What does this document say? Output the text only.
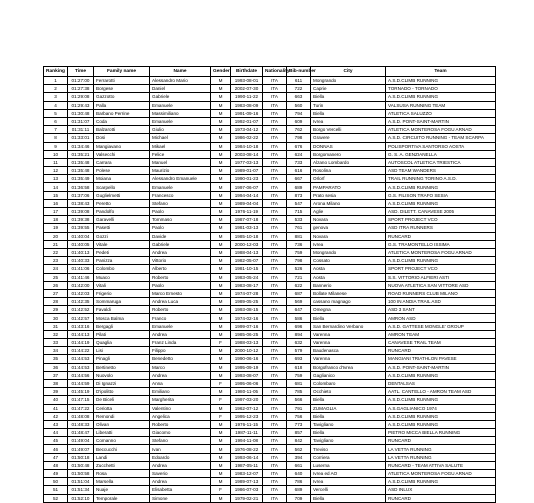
Ranking	Time	Family name	Name	Gender	Birthdate	Nationality	Bib-number	City	Team
1	01:27:00	Ferrarotti	Alessandro Mario	M	1993-08-01	ITA	611	Mongrando	A.S.D.CLIMB RUNNING
2	01:27:38	Borgese	Daniel	M	2002-07-30	ITA	722	Caprie	TORNADO - TORNADO
3	01:29:08	Gazzotto	Gabriele	M	1990-11-22	ITA	663	Biella	A.S.D.CLIMB RUNNING
4	01:29:43	Palla	Emanuele	M	1983-08-09	ITA	560	Turin	VALSUSA RUNNING TEAM
5	01:30:48	Barbano Perrine	Massimiliano	M	1991-09-16	ITA	794	Biella	ATLETICA SALUZZO
6	01:31:07	Coda	Emanuele	M	1992-01-07	ITA	609	Ivrea	A.S.D. PONT-SAINT-MARTIN
7	01:31:11	Balzarotti	Giulio	M	1973-04-12	ITA	762	Borgo Vercelli	ATLETICA MONTEROSA FOGU ARNAD
8	01:33:01	Dosi	Michael	M	1986-02-22	ITA	798	Gravere	A.S.D. CIRCUITO RUNNING - TEAM SCARPA
9	01:34:46	Mangiavano	Mikael	M	1984-10-18	ITA	676	DONNAS	POLISPORTIVA SANTORSO AOSTA
10	01:35:21	Valsecchi	Felice	M	2003-08-14	ITA	624	Borgomanero	G. S. A. GENZIANELLA
11	01:35:48	Carrara	Manuel	M	1977-03-13	ITA	733	Alzano Lombardo	AUTOSCOL ATLETICA TRIESTICA
12	01:35:48	Polese	Maurizio	M	1989-01-07	ITA	616	Rosolina	ASD TEAM WANDERS
13	01:35:49	Moiana	Alessandro Emanuele	M	1990-01-23	ITA	667	Orlorf	TRAIL RUNNING TORINO A.S.D.
14	01:36:58	Scarpello	Emanuele	M	1997-06-07	ITA	689	PAMPARATO	A.S.D.CLIMB RUNNING
15	01:37:06	Guglielmetti	Francesco	M	1994-04-14	ITA	873	Prato sesia	G.S. FILISON TRAFO SESIA
16	01:38:43	Peretto	Stefano	M	1989-04-04	ITA	547	Arona Milano	A.S.D.CLIMB RUNNING
17	01:39:08	Pandolfo	Paolo	M	1976-11-19	ITA	715	Aglie	ASD. DILETT. CANAVESE 2005
18	01:39:38	Garavelli	Tommaso	M	1987-07-18	ITA	533	Novara	SPORT PROJECT VCO
19	01:39:55	Pasetti	Paolo	M	1981-03-13	ITA	761	genova	ASD ITRA RUNNERS
20	01:40:04	Gozzi	Davide	M	1985-10-18	ITA	881	Novara	RUNCARD
21	01:40:05	Vitale	Gabriele	M	2000-12-03	ITA	736	Ivrea	G.S. TRAMONTELLO ISSIMA
22	01:40:13	Pedeti	Andrea	M	1988-04-13	ITA	759	Mongrando	ATLETICA MONTEROSA FOGU ARNAD
23	01:40:33	Panizza	Vittorio	M	1982-05-07	ITA	798	Cossato	A.S.D.CLIMB RUNNING
24	01:41:06	Colombo	Alberto	M	1981-10-15	ITA	526	Aosta	SPORT PROJECT VCO
25	01:41:46	Muaco	Roberto	M	1983-05-24	ITA	721	Aosta	S.S. VITTORIO ALFIERI ASTI
26	01:42:00	Vitali	Paolo	M	1983-08-17	ITA	622	Bannerio	NUOVA ATLETICA SAN VITTORE ASD
27	01:42:03	Frigerio	Marco Ernesto	M	1974-07-28	ITA	687	Bollate Milanese	ROAD RUNNERS CLUB MILANO
28	01:42:35	Sommaruga	Andrea Luca	M	1989-05-25	ITA	569	cassano magnago	100 IN ANDIA TRAIL ASD
29	01:42:52	Favaldi	Roberto	M	1993-08-15	ITA	647	Omegna	ASD 3 SANT
30	01:42:57	Mosca Balma	Franco	M	1974-02-16	ITA	586	Biella	AMRON ASD
31	01:43:16	Bergagli	Emanuele	M	1999-07-16	ITA	696	San Bernardino Verbano	A.S.D. GATTESE MONGLE' GROUP
32	01:44:13	Pilati	Andrea	M	1985-06-25	ITA	894	Varenna	AMRON TEAM
33	01:44:19	Quaglia	Franz Linda	F	1988-03-13	ITA	632	Varenna	CANAVESE TRAIL TEAM
34	01:44:22	Lisi	Filippo	M	2000-10-12	ITA	579	Baudenasca	RUNCARD
35	01:44:53	Pinagli	Benedetto	M	1990-06-16	ITA	693	Varenna	MANGIANI TRIATHLON PAVESE
36	01:44:53	Bertinetto	Marco	M	1995-09-19	ITA	618	Borgofranco d'Ivrea	A.S.D. PONT-SAINT-MARTIN
37	01:44:56	Nuovolo	Andrea	M	1993-08-07	ITA	759	Gaglianico	A.S.D.CLIMB RUNNING
38	01:44:59	Di Ignazzi	Anna	F	1995-06-06	ITA	681	Colombaro	DENTALSAS
39	01:45:19	D'ipolitto	Emiliano	M	1980-11-05	ITA	785	Occhieto	AATL. CANTELLO - AMRON TEAM ASD
40	01:47:15	De Biceli	Margherita	F	1997-03-20	ITA	566	Biella	A.S.D.CLIMB RUNNING
41	01:47:22	Ceriotta	Valentino	M	1962-07-12	ITA	791	ZUMAGLIA	A.S.GAGLIANICO 1974
42	01:48:08	Remondi	Angelica	F	1995-12-23	ITA	756	Biella	A.S.D.CLIMB RUNNING
43	01:48:33	Olivan	Roberto	M	1976-11-15	ITA	773	Tavigliano	A.S.D.CLIMB RUNNING
44	01:48:47	Liberatti	Giacomo	M	1987-11-11	ITA	857	Biella	PIETRO MICCA BIELLA RUNNING
45	01:49:04	Comanno	Stefano	M	1994-11-08	ITA	842	Tavigliano	RUNCARD
46	01:49:07	Beccucchi	Ivan	M	1976-08-22	ITA	562	Treviso	LA VETTA RUNNING
47	01:50:18	Landi	Edoardo	M	1993-06-14	ITA	394	Corriera	LA VETTA RUNNING
48	01:50:48	Zucchetti	Andrea	M	1987-05-11	ITA	661	Luserna	RUNCARD - TEAM ATTIVA SALUTE
49	01:50:58	Rosa	Saverio	M	1983-12-07	ITA	640	Ivrea ed AO	ATLETICA MONTEROSA FOGU ARNAD
50	01:51:04	Marsella	Andrea	M	1989-07-13	ITA	786	Ivrea	A.S.D.CLIMB RUNNING
51	01:51:34	Nuaje	Elisabetta	F	1986-07-03	ITA	689	Vercelli	ASD INLUX
52	01:52:10	Temporale	Simone	M	1979-02-21	ITA	709	Biella	RUNCARD
